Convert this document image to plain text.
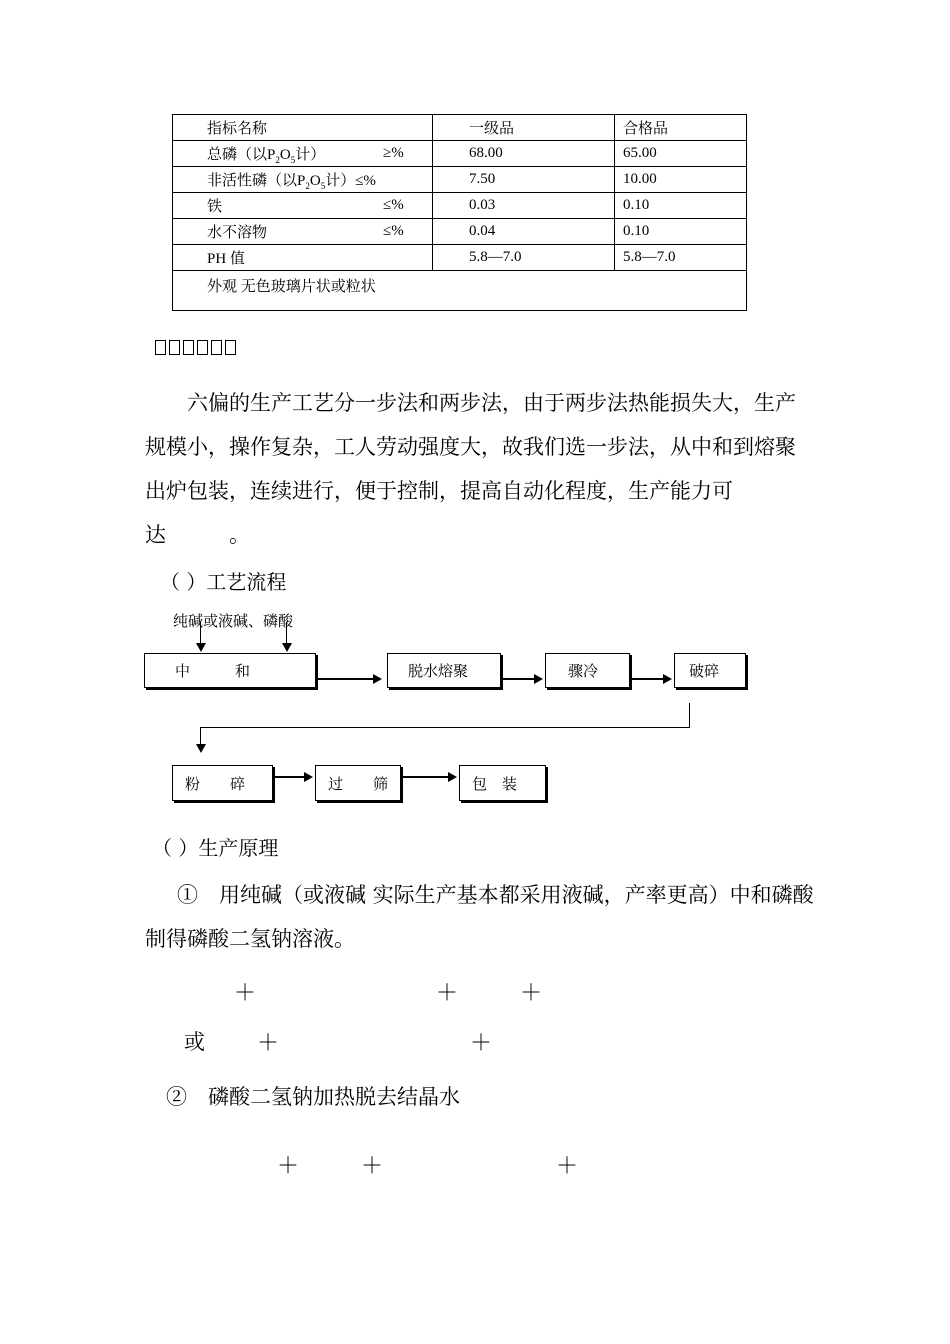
指标名称	一级品	合格品
总磷（以$P_2O_5$计） ≥%	68.00	65.00
非活性磷（以$P_2O_5$计）≤%	7.50	10.00
铁 ≤%	0.03	0.10
水不溶物 ≤%	0.04	0.10
PH 值	5.8—7.0	5.8—7.0
外观 无色玻璃片状或粒状		
六偏的生产工艺分一步法和两步法，由于两步法热能损失大，生产规模小，操作复杂，工人劳动强度大，故我们选一步法，从中和到熔聚出炉包装，连续进行，便于控制，提高自动化程度，生产能力可达　　　。
（ ）工艺流程
纯碱或液碱、磷酸
中　　　和	脱水熔聚	骤冷	破碎
粉　　碎	过　　筛	包　装
（ ）生产原理
①　用纯碱（或液碱 实际生产基本都采用液碱，产率更高）中和磷酸制得磷酸二氢钠溶液。
＋	＋	＋
或 ＋	＋
②　磷酸二氢钠加热脱去结晶水
＋	＋	＋
